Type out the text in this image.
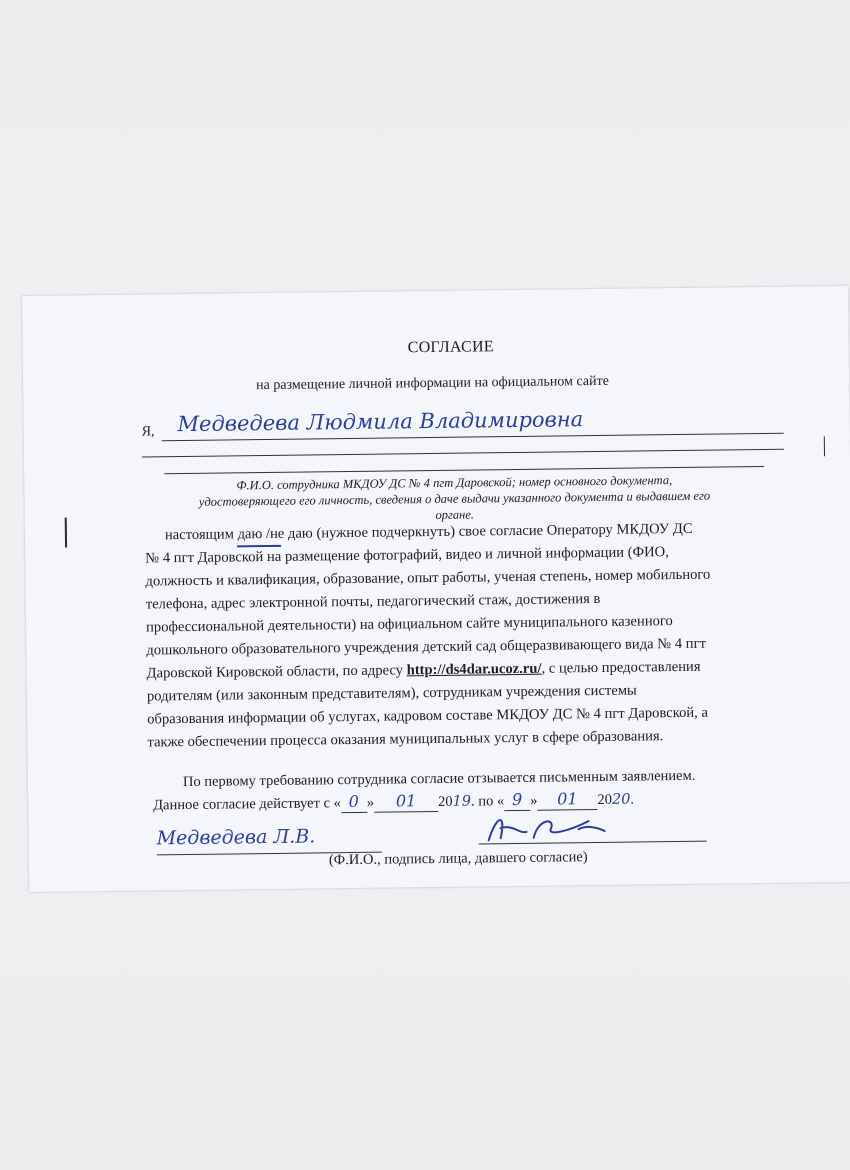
СОГЛАСИЕ
на размещение личной информации на официальном сайте
Я, Медведева Людмила Владимировна
Ф.И.О. сотрудника МКДОУ ДС № 4 пгт Даровской; номер основного документа,
удостоверяющего его личность, сведения о даче выдачи указанного документа и выдавшем его
органе.
настоящим даю /не даю (нужное подчеркнуть) свое согласие Оператору МКДОУ ДС
№ 4 пгт Даровской на размещение фотографий, видео и личной информации (ФИО,
должность и квалификация, образование, опыт работы, ученая степень, номер мобильного
телефона, адрес электронной почты, педагогический стаж, достижения в
профессиональной деятельности) на официальном сайте муниципального казенного
дошкольного образовательного учреждения детский сад общеразвивающего вида № 4 пгт
Даровской Кировской области, по адресу http://ds4dar.ucoz.ru/, с целью предоставления
родителям (или законным представителям), сотрудникам учреждения системы
образования информации об услугах, кадровом составе МКДОУ ДС № 4 пгт Даровской, а
также обеспечении процесса оказания муниципальных услуг в сфере образования.
По первому требованию сотрудника согласие отзывается письменным заявлением.
Данное согласие действует с « 0 » 01 2019. по « 9 » 01 2020.
Медведева Л.В.
(Ф.И.О., подпись лица, давшего согласие)
